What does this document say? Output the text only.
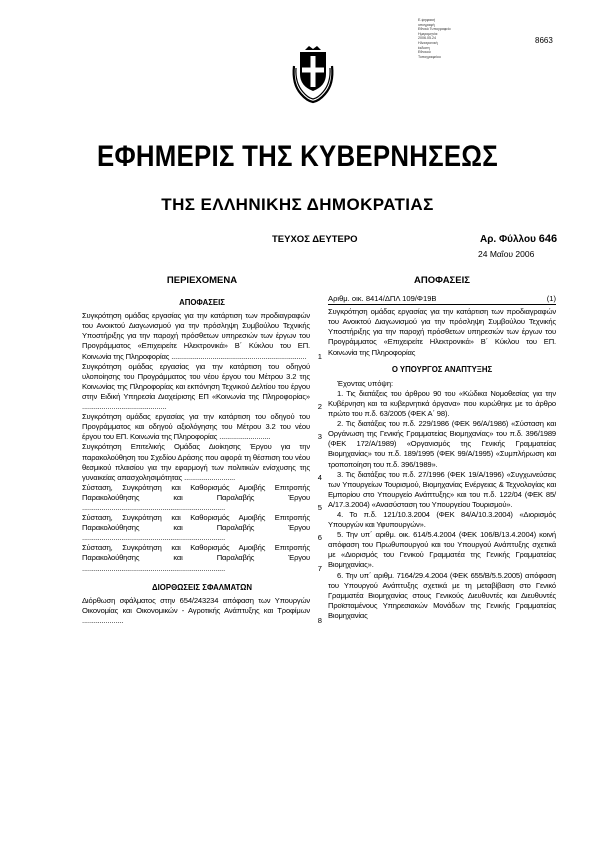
8663
Ε-ψηφιακή
υπογραφή
Εθνικό Τυπογραφείο
Ημερομηνία:
2006.05.24
Ηλεκτρονική
έκδοση
Εθνικού
Τυπογραφείου
ΕΦΗΜΕΡΙΣ ΤΗΣ ΚΥΒΕΡΝΗΣΕΩΣ
ΤΗΣ ΕΛΛΗΝΙΚΗΣ ΔΗΜΟΚΡΑΤΙΑΣ
ΤΕΥΧΟΣ ΔΕΥΤΕΡΟ	Αρ. Φύλλου 646
24 Μαΐου 2006
ΠΕΡΙΕΧΟΜΕΝΑ
ΑΠΟΦΑΣΕΙΣ
Συγκρότηση ομάδας εργασίας για την κατάρτιση των προδιαγραφών του Ανοικτού Διαγωνισμού για την πρόσληψη Συμβούλου Τεχνικής Υποστήριξης για την παροχή πρόσθετων υπηρεσιών των έργων του Προγράμματος «Επιχειρείτε Ηλεκτρονικά» Β΄ Κύκλου του ΕΠ. Κοινωνία της Πληροφορίας .....................................................................	1
Συγκρότηση ομάδας εργασίας για την κατάρτιση του οδηγού υλοποίησης του Προγράμματος του νέου έργου του Μέτρου 3.2 της Κοινωνίας της Πληροφορίας και εκπόνηση Τεχνικού Δελτίου του έργου στην Ειδική Υπηρεσία Διαχείρισης ΕΠ «Κοινωνία της Πληροφορίας» ...........................................	2
Συγκρότηση ομάδας εργασίας για την κατάρτιση του οδηγού του Προγράμματος και οδηγού αξιολόγησης του Μέτρου 3.2 του νέου έργου του ΕΠ. Κοινωνία της Πληροφορίας ..........................	3
Συγκρότηση Επιτελικής Ομάδας Διοίκησης Έργου για την παρακολούθηση του Σχεδίου Δράσης που αφορά τη θέσπιση του νέου θεσμικού πλαισίου για την εφαρμογή των πολιτικών ενίσχυσης της γυναικείας απασχολησιμότητας ..........................	4
Σύσταση, Συγκρότηση και Καθορισμός Αμοιβής Επιτροπής Παρακολούθησης και Παραλαβής Έργου .........................................................................	5
Σύσταση, Συγκρότηση και Καθορισμός Αμοιβής Επιτροπής Παρακολούθησης και Παραλαβής Έργου .........................................................................	6
Σύσταση, Συγκρότηση και Καθορισμός Αμοιβής Επιτροπής Παρακολούθησης και Παραλαβής Έργου .........................................................................	7
ΔΙΟΡΘΩΣΕΙΣ ΣΦΑΛΜΑΤΩΝ
Διόρθωση σφάλματος στην 654/243234 απόφαση των Υπουργών Οικονομίας και Οικονομικών - Αγροτικής Ανάπτυξης και Τροφίμων .....................	8
ΑΠΟΦΑΣΕΙΣ
Αριθμ. οικ. 8414/ΔΠΛ 109/Φ19Β	(1)
Συγκρότηση ομάδας εργασίας για την κατάρτιση των προδιαγραφών του Ανοικτού Διαγωνισμού για την πρόσληψη Συμβούλου Τεχνικής Υποστήριξης για την παροχή πρόσθετων υπηρεσιών των έργων του Προγράμματος «Επιχειρείτε Ηλεκτρονικά» Β΄ Κύκλου του ΕΠ. Κοινωνία της Πληροφορίας
Ο ΥΠΟΥΡΓΟΣ ΑΝΑΠΤΥΞΗΣ
Έχοντας υπόψη:
1. Τις διατάξεις του άρθρου 90 του «Κώδικα Νομοθεσίας για την Κυβέρνηση και τα κυβερνητικά όργανα» που κυρώθηκε με το άρθρο πρώτο του π.δ. 63/2005 (ΦΕΚ Α΄ 98).
2. Τις διατάξεις του π.δ. 229/1986 (ΦΕΚ 96/Α/1986) «Σύσταση και Οργάνωση της Γενικής Γραμματείας Βιομηχανίας» του π.δ. 396/1989 (ΦΕΚ 172/Α/1989) «Οργανισμός της Γενικής Γραμματείας Βιομηχανίας» του π.δ. 189/1995 (ΦΕΚ 99/Α/1995) «Συμπλήρωση και τροποποίηση του π.δ. 396/1989».
3. Τις διατάξεις του π.δ. 27/1996 (ΦΕΚ 19/Α/1996) «Συγχωνεύσεις των Υπουργείων Τουρισμού, Βιομηχανίας Ενέργειας & Τεχνολογίας και Εμπορίου στο Υπουργείο Ανάπτυξης» και του π.δ. 122/04 (ΦΕΚ 85/Α/17.3.2004) «Ανασύσταση του Υπουργείου Τουρισμού».
4. Το π.δ. 121/10.3.2004 (ΦΕΚ 84/Α/10.3.2004) «Διορισμός Υπουργών και Υφυπουργών».
5. Την υπ΄ αριθμ. οικ. 614/5.4.2004 (ΦΕΚ 106/Β/13.4.2004) κοινή απόφαση του Πρωθυπουργού και του Υπουργού Ανάπτυξης σχετικά με «Διορισμός του Γενικού Γραμματέα της Γενικής Γραμματείας Βιομηχανίας».
6. Την υπ΄ αριθμ. 7164/29.4.2004 (ΦΕΚ 655/Β/5.5.2005) απόφαση του Υπουργού Ανάπτυξης σχετικά με τη μεταβίβαση στο Γενικό Γραμματέα Βιομηχανίας στους Γενικούς Διευθυντές και Διευθυντές Προϊσταμένους Υπηρεσιακών Μονάδων της Γενικής Γραμματείας Βιομηχανίας
